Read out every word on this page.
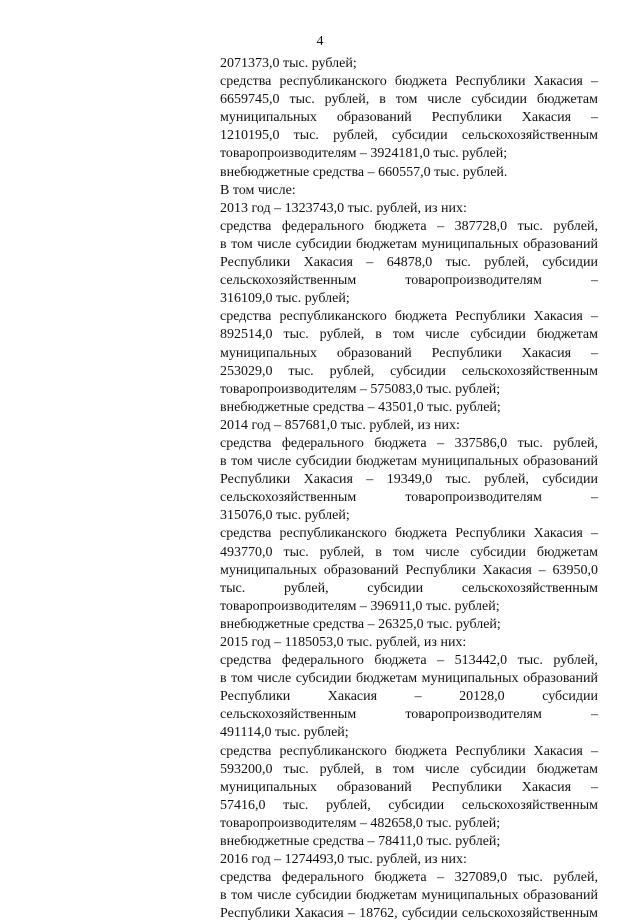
4
2071373,0 тыс. рублей;
средства республиканского бюджета Республики Хакасия –
6659745,0 тыс. рублей, в том числе субсидии бюджетам
муниципальных образований Республики Хакасия –
1210195,0 тыс. рублей, субсидии сельскохозяйственным
товаропроизводителям – 3924181,0 тыс. рублей;
внебюджетные средства – 660557,0 тыс. рублей.
В том числе:
2013 год – 1323743,0 тыс. рублей, из них:
средства федерального бюджета – 387728,0 тыс. рублей,
в том числе субсидии бюджетам муниципальных образований
Республики Хакасия – 64878,0 тыс. рублей, субсидии
сельскохозяйственным товаропроизводителям –
316109,0 тыс. рублей;
средства республиканского бюджета Республики Хакасия –
892514,0 тыс. рублей, в том числе субсидии бюджетам
муниципальных образований Республики Хакасия –
253029,0 тыс. рублей, субсидии сельскохозяйственным
товаропроизводителям – 575083,0 тыс. рублей;
внебюджетные средства – 43501,0 тыс. рублей;
2014 год – 857681,0 тыс. рублей, из них:
средства федерального бюджета – 337586,0 тыс. рублей,
в том числе субсидии бюджетам муниципальных образований
Республики Хакасия – 19349,0 тыс. рублей, субсидии
сельскохозяйственным товаропроизводителям –
315076,0 тыс. рублей;
средства республиканского бюджета Республики Хакасия –
493770,0 тыс. рублей, в том числе субсидии бюджетам
муниципальных образований Республики Хакасия – 63950,0
тыс. рублей, субсидии сельскохозяйственным
товаропроизводителям – 396911,0 тыс. рублей;
внебюджетные средства – 26325,0 тыс. рублей;
2015 год – 1185053,0 тыс. рублей, из них:
средства федерального бюджета – 513442,0 тыс. рублей,
в том числе субсидии бюджетам муниципальных образований
Республики Хакасия – 20128,0 субсидии
сельскохозяйственным товаропроизводителям –
491114,0 тыс. рублей;
средства республиканского бюджета Республики Хакасия –
593200,0 тыс. рублей, в том числе субсидии бюджетам
муниципальных образований Республики Хакасия –
57416,0 тыс. рублей, субсидии сельскохозяйственным
товаропроизводителям – 482658,0 тыс. рублей;
внебюджетные средства – 78411,0 тыс. рублей;
2016 год – 1274493,0 тыс. рублей, из них:
средства федерального бюджета – 327089,0 тыс. рублей,
в том числе субсидии бюджетам муниципальных образований
Республики Хакасия – 18762, субсидии сельскохозяйственным
